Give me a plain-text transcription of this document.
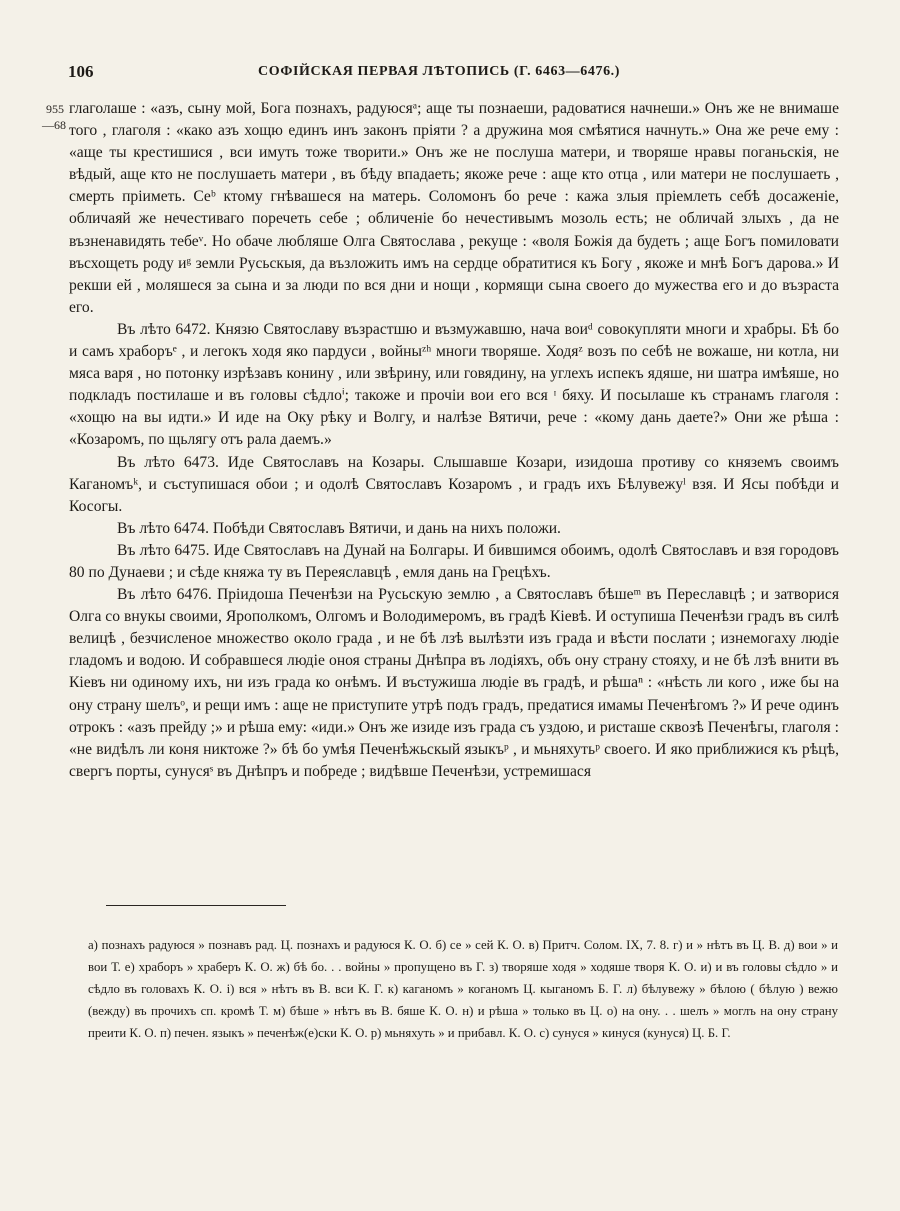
106	СОФІЙСКАЯ ПЕРВАЯ ЛѢТОПИСЬ (Г. 6463—6476.)
955
—68

глаголаше : «азъ, сыну мой, Бога познахъ, радуюсяᵃ; аще ты познаеши, радоватися начнеши.» Онъ же не внимаше того , глаголя : «како азъ хощю единъ инъ законъ пріяти ? а дружина моя смѣятися начнуть.» Она же рече ему : «аще ты крестишися , вси имуть тоже творити.» Онъ же не послуша матери, и творяше нравы поганьскія, не вѣдый, аще кто не послушаеть матери , въ бѣду впадаеть; якоже рече : аще кто отца , или матери не послушаеть , смерть пріиметь. Сеᵇ ктому гнѣвашеся на матерь. Соломонъ бо рече : кажа злыя пріемлеть себѣ досаженіе, обличаяй же нечестиваго поречеть себе ; обличеніе бо нечестивымъ мозоль есть; не обличай злыхъ , да не възненавидять тебеᵛ. Но обаче любляше Олга Святослава , рекуще : «воля Божія да будеть ; аще Богъ помиловати въсхощеть роду иᵍ земли Русьскыя, да възложить имъ на сердце обратитися къ Богу , якоже и мнѣ Богъ дарова.» И рекши ей , моляшеся за сына и за люди по вся дни и нощи , кормящи сына своего до мужества его и до възраста его.

Въ лѣто 6472. Князю Святославу възрастшю и възмужавшю, нача воиᵈ совокупляти многи и храбры. Бѣ бо и самъ храборъᵉ , и легокъ ходя яко пардуси , войныᶻʰ многи творяше. Ходяᶻ возъ по себѣ не вожаше, ни котла, ни мяса варя , но потонку изрѣзавъ конину , или звѣрину, или говядину, на углехъ испекъ ядяше, ни шатра имѣяше, но подкладъ постилаше и въ головы сѣдлоⁱ; такоже и прочіи вои его вся ᶦ бяху. И посылаше къ странамъ глаголя : «хощю на вы идти.» И иде на Оку рѣку и Волгу, и налѣзе Вятичи, рече : «кому дань даете?» Они же рѣша : «Козаромъ, по щьлягу отъ рала даемъ.»

Въ лѣто 6473. Иде Святославъ на Козары. Слышавше Козари, изидоша противу со княземъ своимъ Каганомъᵏ, и съступишася обои ; и одолѣ Святославъ Козаромъ , и градъ ихъ Бѣлувежуˡ взя. И Ясы побѣди и Косогы.

Въ лѣто 6474. Побѣди Святославъ Вятичи, и дань на нихъ положи.

Въ лѣто 6475. Иде Святославъ на Дунай на Болгары. И бившимся обоимъ, одолѣ Святославъ и взя городовъ 80 по Дунаеви ; и сѣде княжа ту въ Переяславцѣ , емля дань на Грецѣхъ.

Въ лѣто 6476. Пріидоша Печенѣзи на Русьскую землю , а Святославъ бѣшеᵐ въ Переславцѣ ; и затворися Олга со внукы своими, Ярополкомъ, Олгомъ и Володимеромъ, въ градѣ Кіевѣ. И оступиша Печенѣзи градъ въ силѣ велицѣ , безчисленое множество около града , и не бѣ лзѣ вылѣзти изъ града и вѣсти послати ; изнемогаху людіе гладомъ и водою. И собравшеся людіе оноя страны Днѣпра въ лодіяхъ, объ ону страну стояху, и не бѣ лзѣ внити въ Кіевъ ни одиному ихъ, ни изъ града ко онѣмъ. И въстужиша людіе въ градѣ, и рѣшаⁿ : «нѣсть ли кого , иже бы на ону страну шелъᵒ, и рещи имъ : аще не приступите утрѣ подъ градъ, предатися имамы Печенѣгомъ ?» И рече одинъ отрокъ : «азъ прейду ;» и рѣша ему: «иди.» Онъ же изиде изъ града съ уздою, и ристаше сквозѣ Печенѣгы, глаголя : «не видѣлъ ли коня никтоже ?» бѣ бо умѣя Печенѣжьскый языкъᵖ , и мьняхутьᵖ своего. И яко приближися къ рѣцѣ, свергъ порты, сунусяˢ въ Днѣпръ и побреде ; видѣвше Печенѣзи, устремишася

а) познахъ радуюся » познавъ рад. Ц. познахъ и радуюся К. О. б) се » сей К. О. в) Притч. Солом. IX, 7. 8. г) и » нѣтъ въ Ц. В. д) вои » и вои Т. е) храборъ » храберъ К. О. ж) бѣ бо. . . войны » пропущено въ Г. з) творяше ходя » ходяше творя К. О. и) и въ головы сѣдло » и сѣдло въ головахъ К. О. і) вся » нѣтъ въ В. вси К. Г. к) каганомъ » коганомъ Ц. кыганомъ Б. Г. л) бѣлувежу » бѣлою ( бѣлую ) вежю (вежду) въ прочихъ сп. кромѣ Т. м) бѣше » нѣтъ въ В. бяше К. О. н) и рѣша » только въ Ц. о) на ону. . . шелъ » моглъ на ону страну преити К. О. п) печен. языкъ » печенѣж(е)ски К. О. р) мьняхуть » и прибавл. К. О. с) сунуся » кинуся (кунуся) Ц. Б. Г.
